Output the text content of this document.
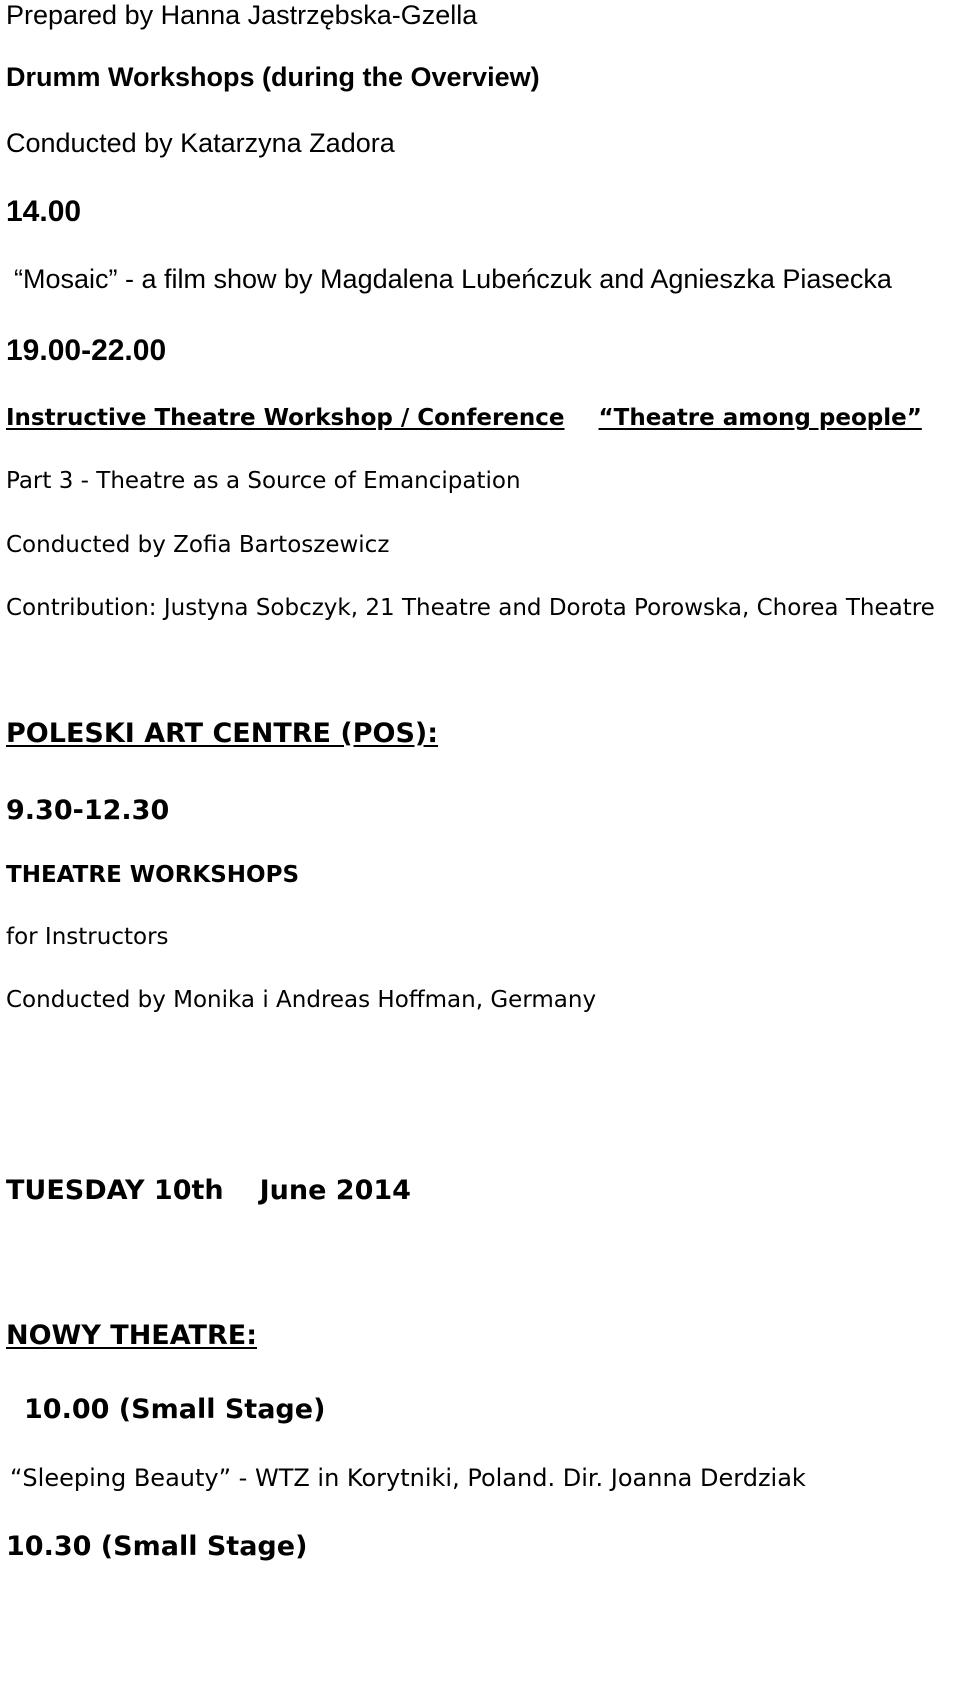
Prepared by Hanna Jastrzębska-Gzella
Drumm Workshops (during the Overview)
Conducted by Katarzyna Zadora
14.00
“Mosaic” - a film show by Magdalena Lubeńczuk and Agnieszka Piasecka
19.00-22.00
Instructive Theatre Workshop / Conference “Theatre among people”
Part 3 - Theatre as a Source of Emancipation
Conducted by Zofia Bartoszewicz
Contribution: Justyna Sobczyk, 21 Theatre and Dorota Porowska, Chorea Theatre
POLESKI ART CENTRE (POS):
9.30-12.30
THEATRE WORKSHOPS
for Instructors
Conducted by Monika i Andreas Hoffman, Germany
TUESDAY 10th June 2014
NOWY THEATRE:
10.00 (Small Stage)
“Sleeping Beauty” - WTZ in Korytniki, Poland. Dir. Joanna Derdziak
10.30 (Small Stage)
